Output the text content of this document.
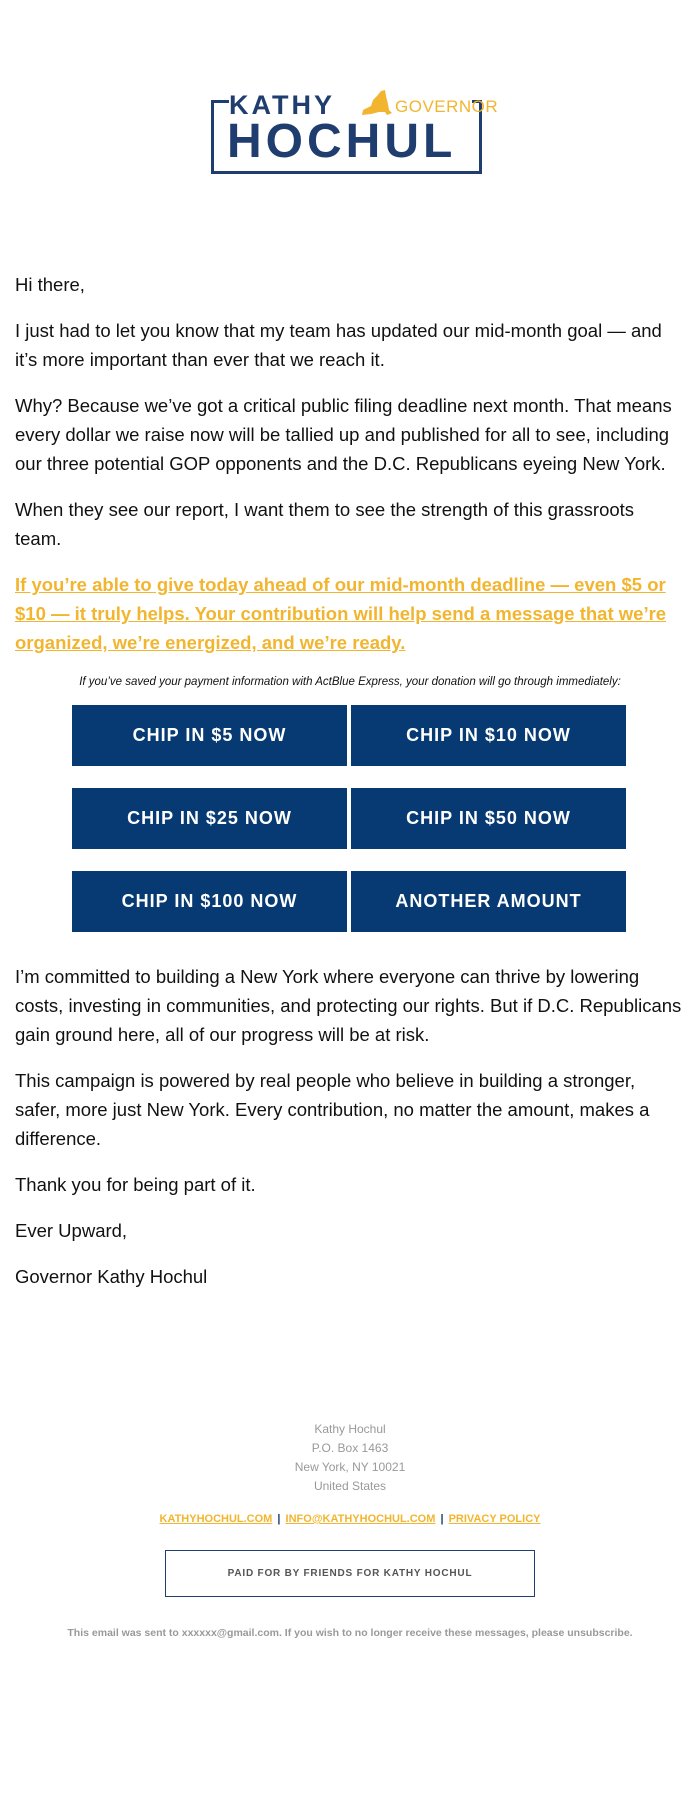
KATHY	GOVERNOR
HOCHUL

Hi there,

I just had to let you know that my team has updated our mid-month goal — and it’s more important than ever that we reach it.

Why? Because we’ve got a critical public filing deadline next month. That means every dollar we raise now will be tallied up and published for all to see, including our three potential GOP opponents and the D.C. Republicans eyeing New York.

When they see our report, I want them to see the strength of this grassroots team.

If you’re able to give today ahead of our mid-month deadline — even $5 or $10 — it truly helps. Your contribution will help send a message that we’re organized, we’re energized, and we’re ready.
If you’ve saved your payment information with ActBlue Express, your donation will go through immediately:
CHIP IN $5 NOW	CHIP IN $10 NOW
CHIP IN $25 NOW	CHIP IN $50 NOW
CHIP IN $100 NOW	ANOTHER AMOUNT

I’m committed to building a New York where everyone can thrive by lowering costs, investing in communities, and protecting our rights. But if D.C. Republicans gain ground here, all of our progress will be at risk.

This campaign is powered by real people who believe in building a stronger, safer, more just New York. Every contribution, no matter the amount, makes a difference.

Thank you for being part of it.

Ever Upward,

Governor Kathy Hochul

Kathy Hochul
P.O. Box 1463
New York, NY 10021
United States
KATHYHOCHUL.COM | INFO@KATHYHOCHUL.COM | PRIVACY POLICY
PAID FOR BY FRIENDS FOR KATHY HOCHUL
This email was sent to xxxxxx@gmail.com. If you wish to no longer receive these messages, please unsubscribe.
